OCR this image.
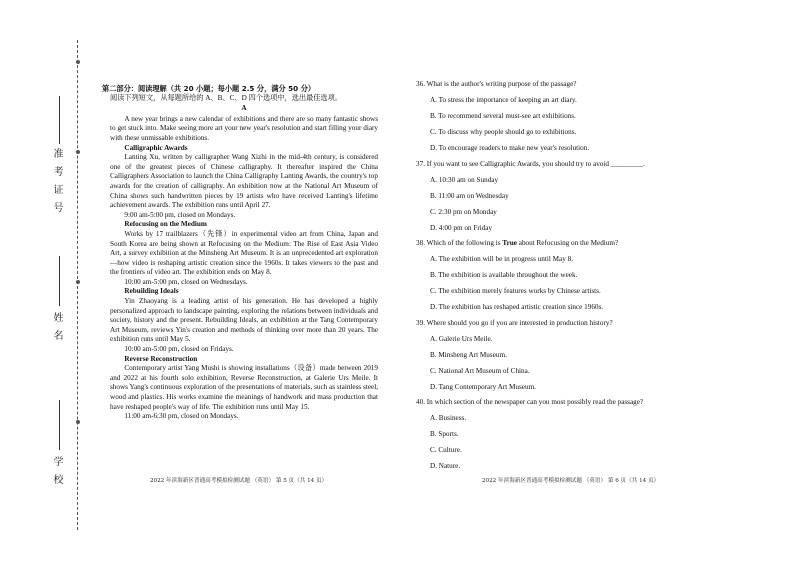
准考证号
姓名
学校
第二部分：阅读理解（共 20 小题；每小题 2.5 分，满分 50 分）
阅读下列短文，从每题所给的 A、B、C、D 四个选项中，选出最佳选项。
A

A new year brings a new calendar of exhibitions and there are so many fantastic shows to get stuck into. Make seeing more art your new year's resolution and start filling your diary with these unmissable exhibitions.

Calligraphic Awards

Lanting Xu, written by calligrapher Wang Xizhi in the mid-4th century, is considered one of the greatest pieces of Chinese calligraphy. It thereafter inspired the China Calligraphers Association to launch the China Calligraphy Lanting Awards, the country's top awards for the creation of calligraphy. An exhibition now at the National Art Museum of China shows such handwritten pieces by 19 artists who have received Lanting's lifetime achievement awards. The exhibition runs until April 27.

9:00 am-5:00 pm, closed on Mondays.
Refocusing on the Medium

Works by 17 trailblazers（先锋）in experimental video art from China, Japan and South Korea are being shown at Refocusing on the Medium: The Rise of East Asia Video Art, a survey exhibition at the Minsheng Art Museum. It is an unprecedented art exploration—how video is reshaping artistic creation since the 1960s. It takes viewers to the past and the frontiers of video art. The exhibition ends on May 8.

10:00 am-5:00 pm, closed on Wednesdays.
Rebuilding Ideals

Yin Zhaoyang is a leading artist of his generation. He has developed a highly personalized approach to landscape painting, exploring the relations between individuals and society, history and the present. Rebuilding Ideals, an exhibition at the Tang Contemporary Art Museum, reviews Yin's creation and methods of thinking over more than 20 years. The exhibition runs until May 5.

10:00 am-5:00 pm, closed on Fridays.
Reverse Reconstruction

Contemporary artist Yang Mushi is showing installations（设备）made between 2019 and 2022 at his fourth solo exhibition, Reverse Reconstruction, at Galerie Urs Meile. It shows Yang's continuous exploration of the presentations of materials, such as stainless steel, wood and plastics. His works examine the meanings of handwork and mass production that have reshaped people's way of life. The exhibition runs until May 15.

11:00 am-6:30 pm, closed on Mondays.
36. What is the author's writing purpose of the passage?
A. To stress the importance of keeping an art diary.
B. To recommend several must-see art exhibitions.
C. To discuss why people should go to exhibitions.
D. To encourage readers to make new year's resolution.
37. If you want to see Calligraphic Awards, you should try to avoid _________.
A. 10:30 am on Sunday
B. 11:00 am on Wednesday
C. 2:30 pm on Monday
D. 4:00 pm on Friday
38. Which of the following is True about Refocusing on the Medium?
A. The exhibition will be in progress until May 8.
B. The exhibition is available throughout the week.
C. The exhibition merely features works by Chinese artists.
D. The exhibition has reshaped artistic creation since 1960s.
39. Where should you go if you are interested in production history?
A. Galerie Urs Meile.
B. Minsheng Art Museum.
C. National Art Museum of China.
D. Tang Contemporary Art Museum.
40. In which section of the newspaper can you most possibly read the passage?
A. Business.
B. Sports.
C. Culture.
D. Nature.
2022 年滨海新区普通高考模拟检测试题 （英语） 第 5 页（共 14 页）	2022 年滨海新区普通高考模拟检测试题 （英语） 第 6 页（共 14 页）
